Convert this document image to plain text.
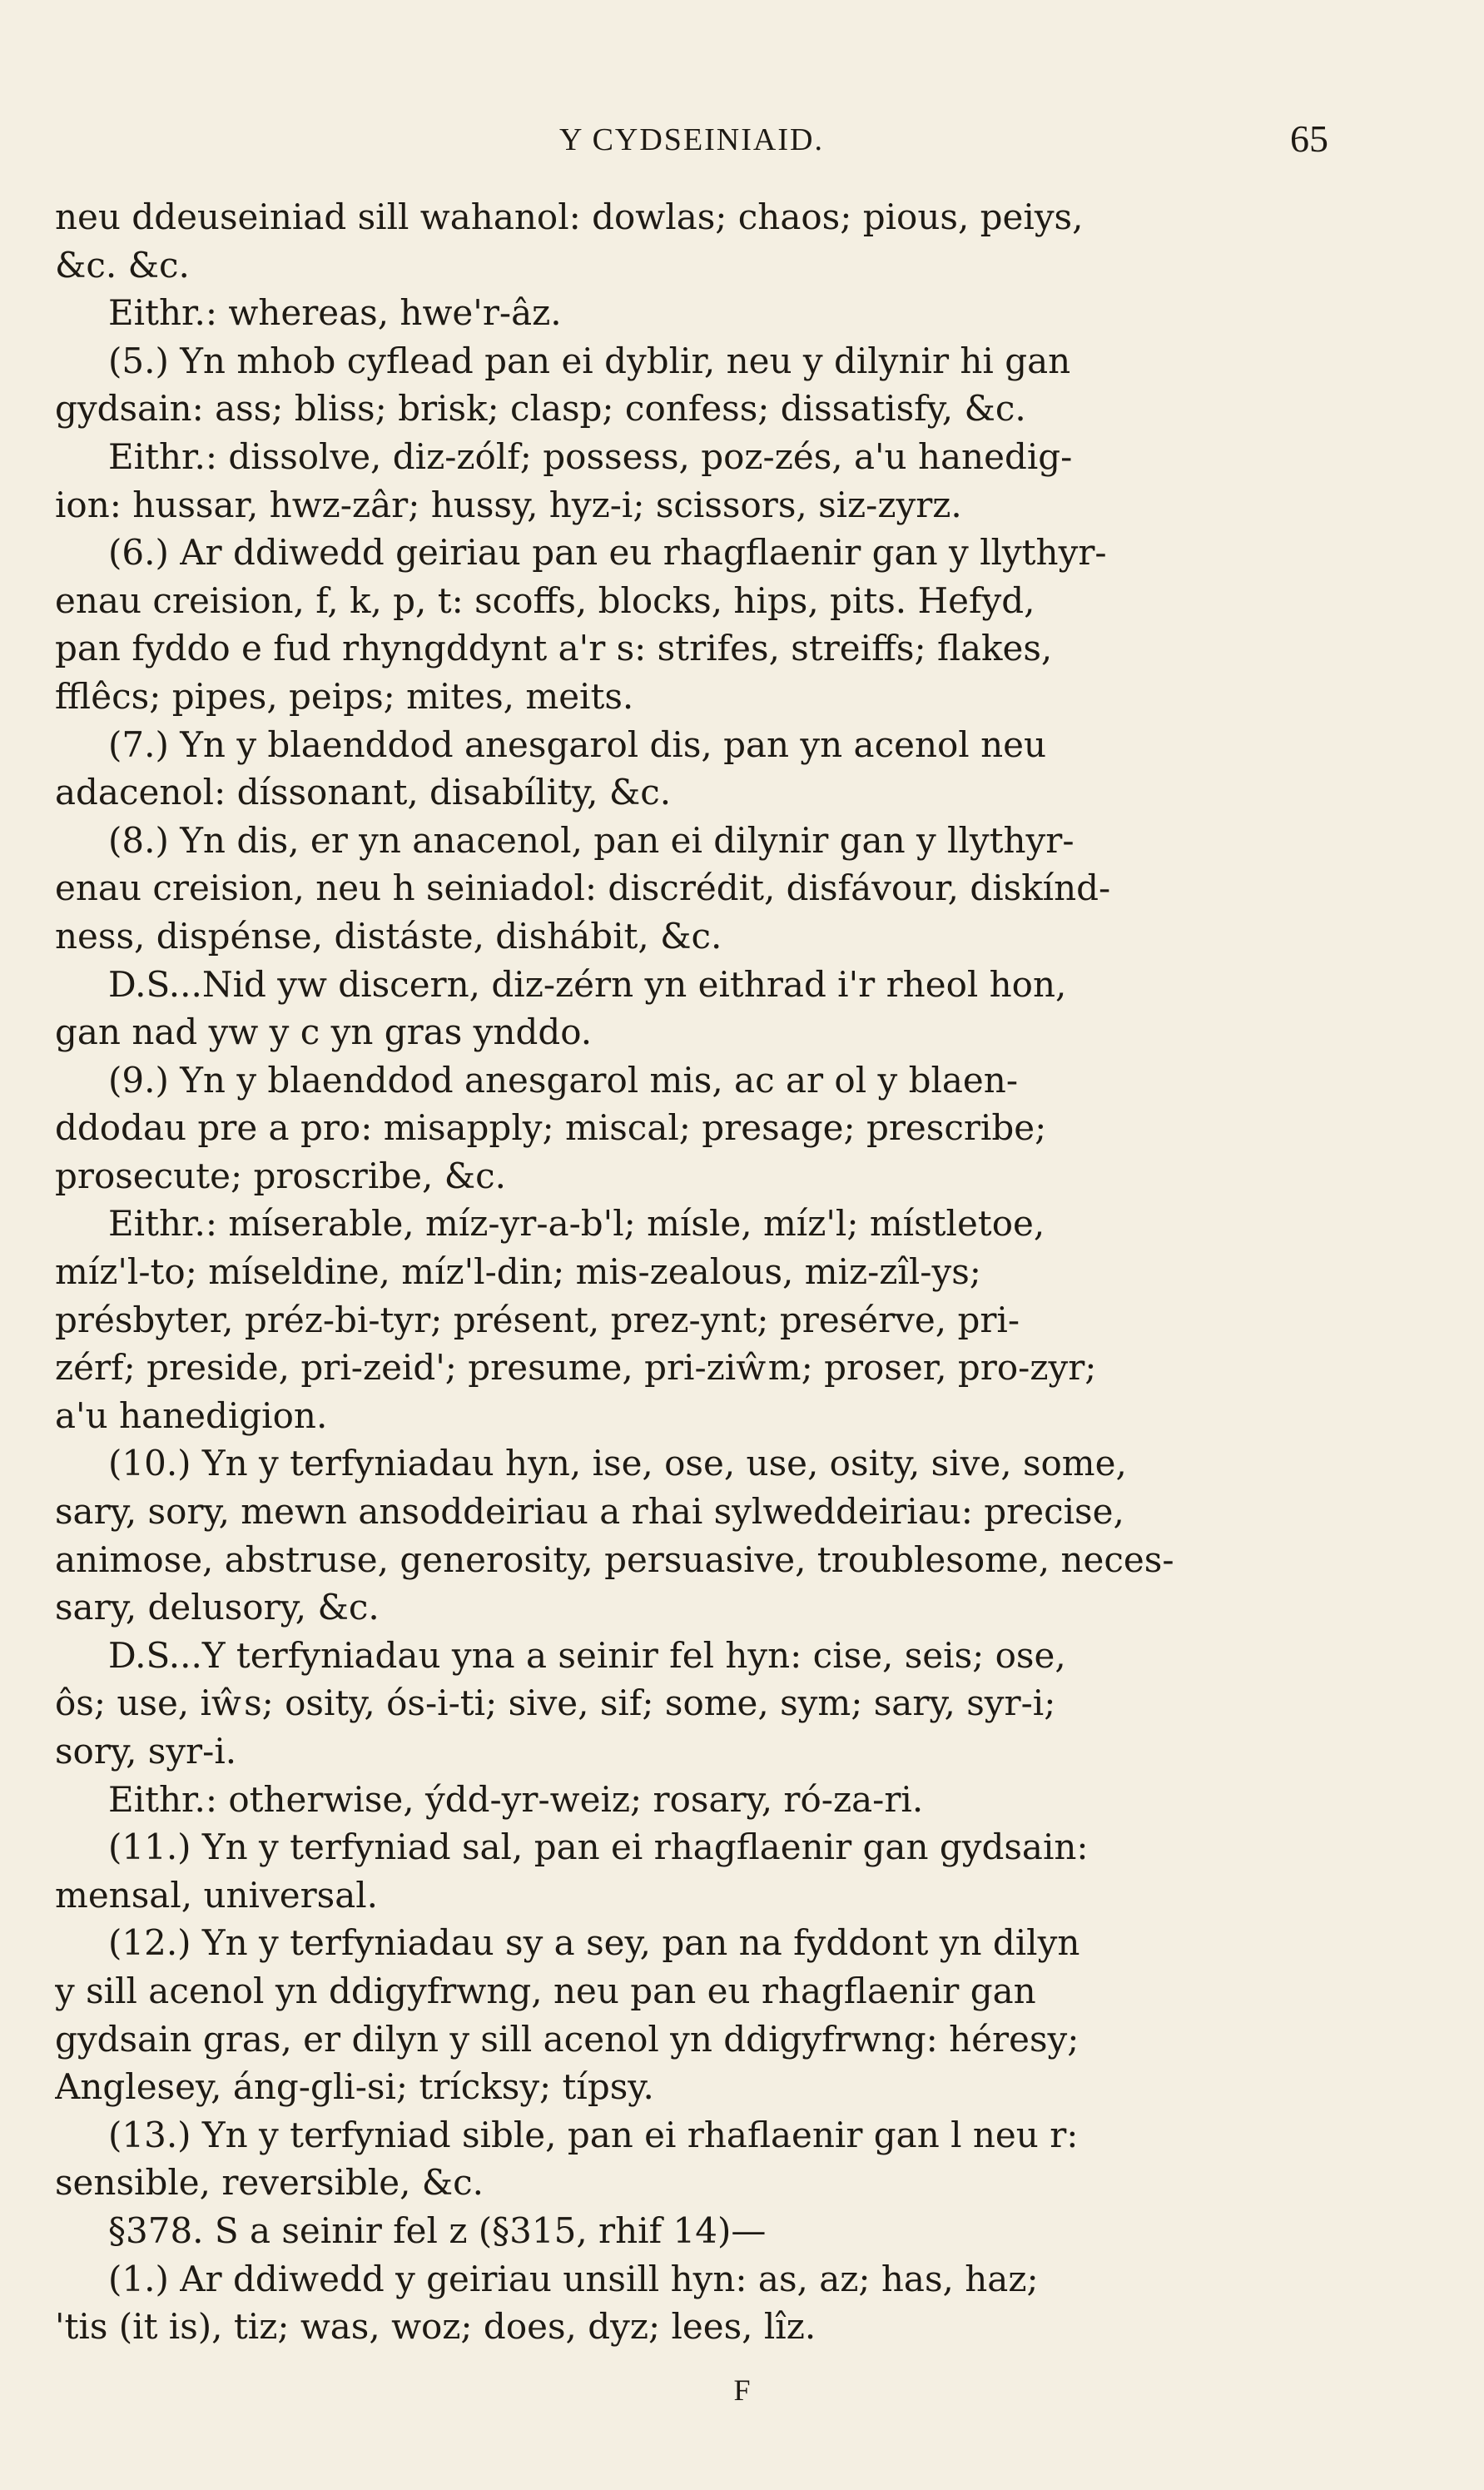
Y CYDSEINIAID.	65
neu ddeuseiniad sill wahanol: dowlas; chaos; pious, peiys,
&c. &c.
Eithr.: whereas, hwe'r-âz.
(5.) Yn mhob cyflead pan ei dyblir, neu y dilynir hi gan
gydsain: ass; bliss; brisk; clasp; confess; dissatisfy, &c.
Eithr.: dissolve, diz-zólf; possess, poz-zés, a'u hanedig-
ion: hussar, hwz-zâr; hussy, hyz-i; scissors, siz-zyrz.
(6.) Ar ddiwedd geiriau pan eu rhagflaenir gan y llythyr-
enau creision, f, k, p, t: scoffs, blocks, hips, pits. Hefyd,
pan fyddo e fud rhyngddynt a'r s: strifes, streiffs; flakes,
fflêcs; pipes, peips; mites, meits.
(7.) Yn y blaenddod anesgarol dis, pan yn acenol neu
adacenol: díssonant, disabílity, &c.
(8.) Yn dis, er yn anacenol, pan ei dilynir gan y llythyr-
enau creision, neu h seiniadol: discrédit, disfávour, diskínd-
ness, dispénse, distáste, dishábit, &c.
D.S...Nid yw discern, diz-zérn yn eithrad i'r rheol hon,
gan nad yw y c yn gras ynddo.
(9.) Yn y blaenddod anesgarol mis, ac ar ol y blaen-
ddodau pre a pro: misapply; miscal; presage; prescribe;
prosecute; proscribe, &c.
Eithr.: míserable, míz-yr-a-b'l; mísle, míz'l; místletoe,
míz'l-to; míseldine, míz'l-din; mis-zealous, miz-zîl-ys;
présbyter, préz-bi-tyr; présent, prez-ynt; presérve, pri-
zérf; preside, pri-zeid'; presume, pri-ziŵm; proser, pro-zyr;
a'u hanedigion.
(10.) Yn y terfyniadau hyn, ise, ose, use, osity, sive, some,
sary, sory, mewn ansoddeiriau a rhai sylweddeiriau: precise,
animose, abstruse, generosity, persuasive, troublesome, neces-
sary, delusory, &c.
D.S...Y terfyniadau yna a seinir fel hyn: cise, seis; ose,
ôs; use, iŵs; osity, ós-i-ti; sive, sif; some, sym; sary, syr-i;
sory, syr-i.
Eithr.: otherwise, ýdd-yr-weiz; rosary, ró-za-ri.
(11.) Yn y terfyniad sal, pan ei rhagflaenir gan gydsain:
mensal, universal.
(12.) Yn y terfyniadau sy a sey, pan na fyddont yn dilyn
y sill acenol yn ddigyfrwng, neu pan eu rhagflaenir gan
gydsain gras, er dilyn y sill acenol yn ddigyfrwng: héresy;
Anglesey, áng-gli-si; trícksy; típsy.
(13.) Yn y terfyniad sible, pan ei rhaflaenir gan l neu r:
sensible, reversible, &c.
§378. S a seinir fel z (§315, rhif 14)—
(1.) Ar ddiwedd y geiriau unsill hyn: as, az; has, haz;
'tis (it is), tiz; was, woz; does, dyz; lees, lîz.
F
